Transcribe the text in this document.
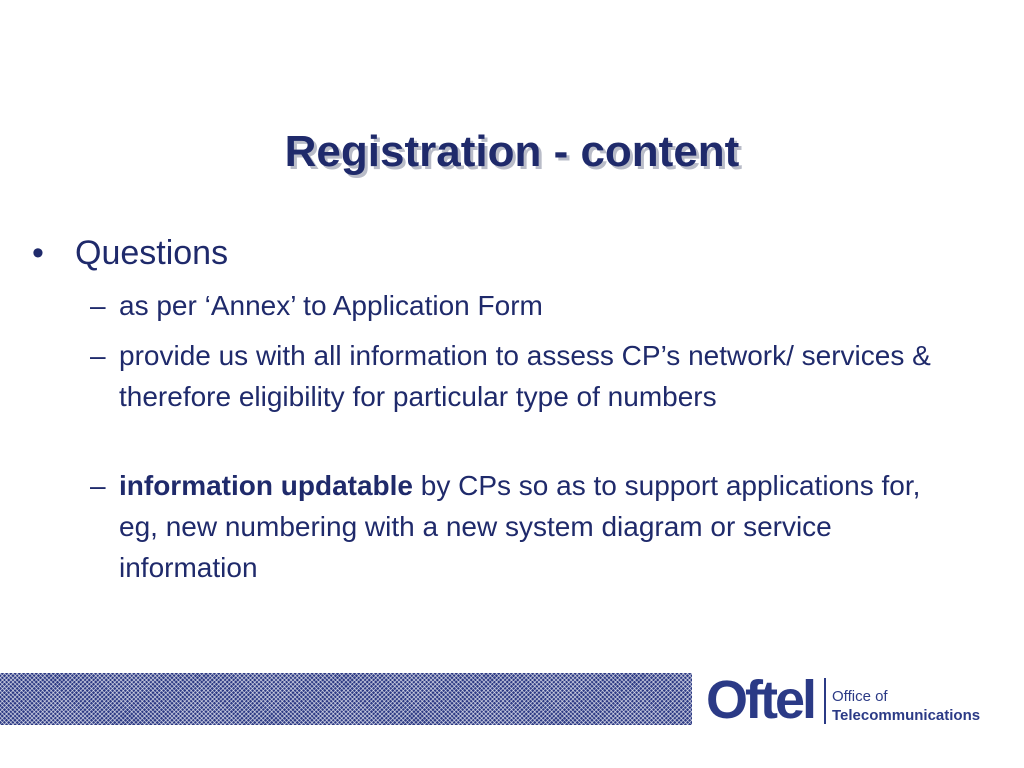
Registration - content
• Questions
– as per ‘Annex’ to Application Form
– provide us with all information to assess CP’s network/ services & therefore eligibility for particular type of numbers
– information updatable by CPs so as to support applications for, eg, new numbering with a new system diagram or service information
Oftel Office of
Telecommunications
